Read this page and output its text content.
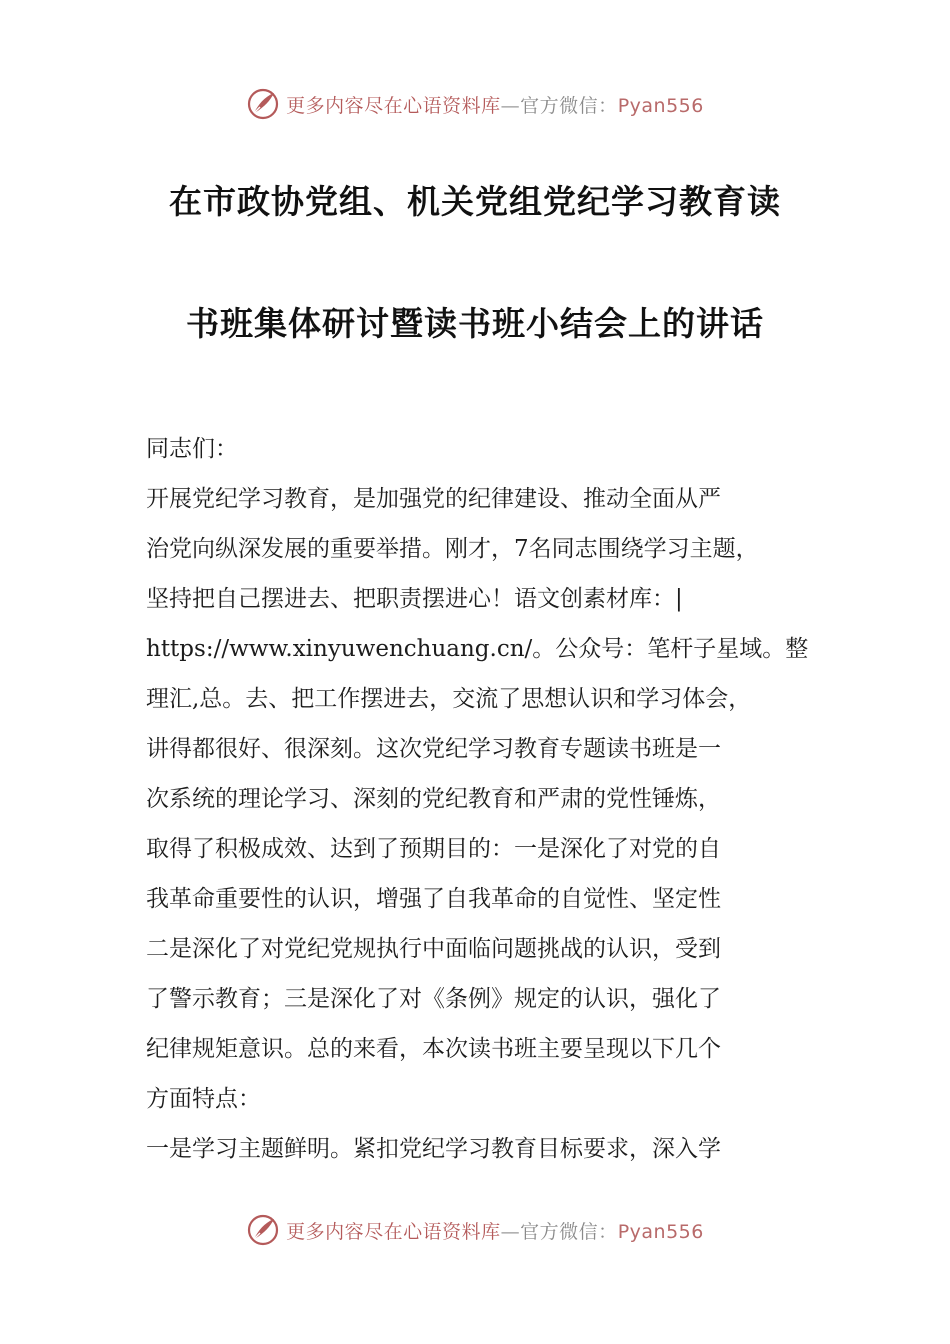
更多内容尽在心语资料库—官方微信：Pyan556
在市政协党组、机关党组党纪学习教育读
书班集体研讨暨读书班小结会上的讲话
同志们：
开展党纪学习教育，是加强党的纪律建设、推动全面从严
治党向纵深发展的重要举措。刚才，7名同志围绕学习主题，
坚持把自己摆进去、把职责摆进心！语文创素材库：|
https://www.xinyuwenchuang.cn/。公众号：笔杆子星域。整
理汇,总。去、把工作摆进去，交流了思想认识和学习体会，
讲得都很好、很深刻。这次党纪学习教育专题读书班是一
次系统的理论学习、深刻的党纪教育和严肃的党性锤炼，
取得了积极成效、达到了预期目的：一是深化了对党的自
我革命重要性的认识，增强了自我革命的自觉性、坚定性
二是深化了对党纪党规执行中面临问题挑战的认识，受到
了警示教育；三是深化了对《条例》规定的认识，强化了
纪律规矩意识。总的来看，本次读书班主要呈现以下几个
方面特点：
一是学习主题鲜明。紧扣党纪学习教育目标要求，深入学
更多内容尽在心语资料库—官方微信：Pyan556
